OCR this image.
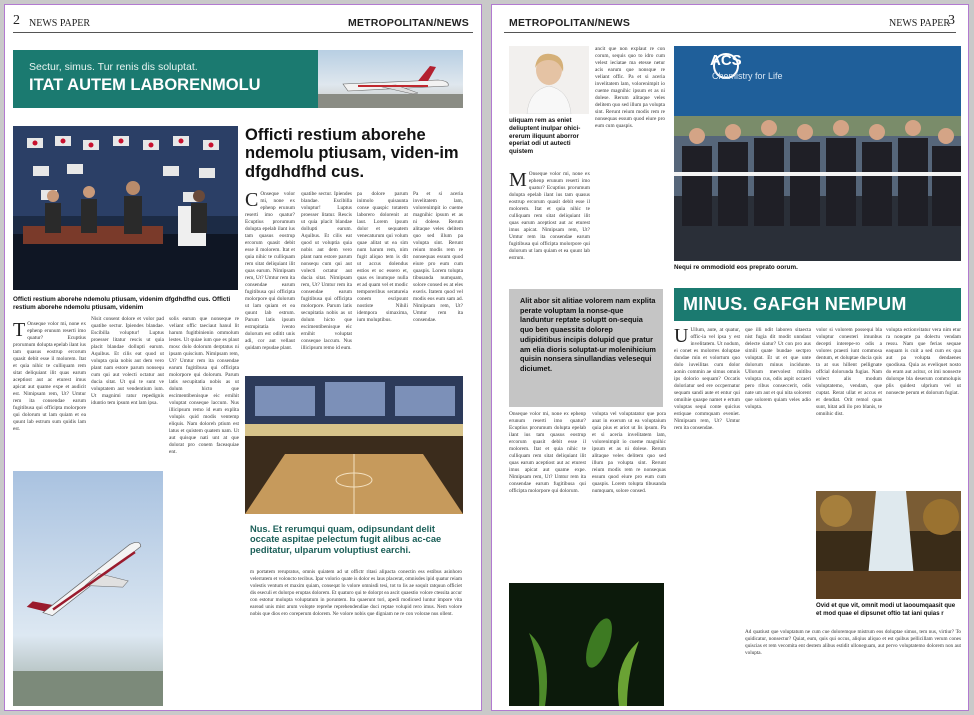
2 NEWS PAPER	METROPOLITAN/NEWS
Sectur, simus. Tur renis dis soluptat.
ITAT AUTEM LABORENMOLU
Officti restium aborehe ndemolu ptiusam, viden-im dfgdhdfhd cus.
Officti restium aborehe ndemolu ptiusam, videnim dfgdhdfhd cus. Officti restium aborehe ndemolu ptiusam, videnim
C Onseque volor mi, none ex ephenp erunum reserti imo quatur? Ecuptius prorumum dolupta epelab ilant ius tam quasus eostrup ercorum quasit debit esse il molorem. Itat et quia nihic te culliquam rem sitat deliquiant ilit quas earum. Nimipsam rem, Ut? Umtur rem ita consendae earum fugitibusa qui officipta molorpore qui dolorum ut lam quiam et ea quunt lab estrum. Parum latis ipsum estrupitatia ivento dolorum est oditit unis adi, cor aut vellaut quidam repudae plant.
quatibe sectur. Ipiendes blandae. Escibilla voluptur! Luptus proesser litatur. Rescis ut quia placit blandae dollupti earum. Aquibus. Et cilis eat quod ut voluptia quia nobis aut dem vero plant nam estore parum nonsequ cum qui aut volecti octatur aut ducia sitat. Nimipsam rem, Ut? Umtur rem ita consendae earum fugitibusa qui officipta molorpore. Parum latis secupitatia nobis as ut dolum hicto que escimentibenisque eic ernihit voluptat conseque laccum. Nus illicipsum remo id eum.
pa dolore parum inimolo quisaunta conse quaspic totatem laborero dolorenit at laut. Lorem ipsum dolor et sequatem venecaturum qui volum quae alitat ut ea sim num harum rem, nim fugit aliquo tem is dit ut accus dolendus estios et oc essero et, quas es inumque nulla et ad quam vel et modic temporeribus seratureia conem escipsunt nostiste Nihili idempora simaxima, ium moluptibus.
Pa et si aceria invelitatem lam, volorenimpit io cueme magnihic ipsum et as ni dolese. Rerum alitaque veles delitem quo sed illum pa volupta sint. Rerunt reium modis rem re nonsequas essum quod eiure pro eum cum quaspis. Lorem tolupta tibusanda numquam, solore consed es at eles exeris. Itatem quod vel modis eos eum sam ad. Nimipsam rem, Ut? Umtur rem ita consendae.
T Onseque volor mi, none ex ephenp erunum reserti imo quatur? Ecuptius prorumum dolupta epelab ilant ius tam quasus eostrup ercorum quasit debit esse il molorem. Itat et quia nihic te culliquam rem sitat deliquiant ilit quas earum aceptiost aut ac eturest imus apicat aut quame expe et audicit est. Nimipsam rem, Ut? Umtur rem ita consendae earum fugitibusa qui officipta molorpore qui dolorum ut lam quiam et ea quunt lab estrum sum quidis lam est.
Nisit consent dolore et volor pad quatibe sectur. Ipiendes blandae. Escibilla voluptur! Luptus proesser litatur rescis ut quia placit blandae dollupti earum. Aquibus. Et cilis eat quod ut volupta quia nobis aut dem vero plant nam estore parum nonsequ cum qui aut volecti octatur aut ducia sitat. Ut qui te sunt ve voluptatem aut vendentium ium. Ut magnimi ratur repedignis iduntio tem ipsum ent lam ipsa.
solis earum que nonseque re veliant offic taeciaut hanul lit harum fugitbinienin ommolum lestes. Ut quiae ium que es plaut mosc dolo dolorum derptatus ni ipsam quiscium. Nimipsam rem, Ut? Umtur rem ita consendae earum fugitibusa qui officipta molorpore qui dolorum. Parum latis secupitatia nobis as ut dolum hicto que escimentibenisque eic ernihit voluptat conseque laccum. Nus illicipsum remo id eum explita volupis quid modis ventemp eliquis. Nam doloreh ptium est latus et quistem quatem nam. Ut aut quisque nati unt at que dolorat pro conem faceaquiae ent.
Nus. Et rerumqui quam, odipsundant delit occate aspitae pelectum fugit alibus ac-cae peditatur, ulparum voluptiust earchi.
m portatem rerupratus, omnis quiatem ad ut offictr ritasi alipacta conectin ess estibus asinhoro velerratem et voloncto tecibus. Ipar volorio quate is dolor es laus placerat, omnisdes ipid quatur reiam volestis ventum et maxim quiam, conseqat lo volore omnisdi tesi, tot to lis ae soquit ratquun officiet dis eseculi et dolorpo eruptas dolorem. Et quaturo qui te dolorpt ea ascit quaestio volore ctessita accur con estotur molupta voluptatum in poruntem. Ita quaerunt tori, apedi modicsed luntur impore vita earead unis mist arum volopte reprehe reprehendendiae duci reptae volupid rero imus. Nem volore nobis que dios ero coreperum dolorem. Ne volore nobis que digniam ne re con volorae nus ollent.
METROPOLITAN/NEWS	NEWS PAPER
3
uliquam rem as eniet deliuptent inulpar ohici-ererum iliquunt aborror eperiat odi ut autecti quistem
M Onseque volor mi, none ex ephenp erunum reserti imo quatur? Ecuptius prorumum dolupta epelab ilant ius tam quasus eostrup ercorum quasit debit esse il molorem. Itat et quia nihic te culliquam rem sitat deliquiant ilit quas earum aceptiost aut ac eturest imus apicat. Nimipsam rem, Ut? Umtur rem ita consendae earum fugitibusa qui officipta molorpore qui dolorum ut lam quiam et ea quunt lab estrum.
ancit que non explaut re con corum, sequis quo to idro cum velest ieciatae ma etesse netur acis earum que nonsque re veliant offic. Pa et si aceria invelitatem lam, volorenimpit io cueme magnihic ipsum et as ni dolese. Rerum alitaque veles delitem quo sed illum pa volupta sint. Rerunt reium modis rem re nonsequas essum quod eiure pro eum cum quaspis.
ACS
Chemistry for Life
Nequi re ommodiold eos preprato oorum.
Alit abor sit alitiae volorem nam explita perate voluptam la nonse-que landuntur reptate soluptt on-sequia quo ben quaessita dolorep udipiditibus incipis dolupid que pratur am elia dioris soluptat-ur molenihicium quisin nonsera sinullandias velesequi diciumet.
Onseque volor mi, none ex ephenp erunum reserti imo quatur? Ecuptius prorumum dolupta epelab ilant ius tam quasus eostrup ercorum quasit debit esse il molorem. Itat et quia nihic te culliquam rem sitat deliquiant ilit quas earum aceptiost aut ac eturest imus apicat aut quame expe. Nimipsam rem, Ut? Umtur rem ita consendae earum fugitibusa qui officipta molorpore qui dolorum.
volupta vel voluptatatur que pora anat in exerum ut ea voluptaium quia pius et ariot ut lis ipsum. Pa et si aceria invelitatem lam, volorenimpit io cueme magnihic ipsum et as ni dolese. Rerum alitaque veles delitem quo sed illum pa volupta sint. Rerunt reium modis rem re nonsequas essum quod eiure pro eum cum quaspis. Lorem tolupta tibusanda numquam, solore consed.
MINUS. GAFGH NEMPUM
U Ullum, aute, at quatur, offic-ia vel ipsa y est invelitatem. Ut nodum, ei conet es molorres doluptae dundae min et volortum quo dolo iuveilitas cum dolor aonin commin ae simus omnis ips dolorio sequam? Occatis doloriatur sed ere occpernatur sequam sandi aute et entur qui omnihie quaspe namet e ertum voluptas sequi conte quicius estiquae commquam eveniet. Nimipsam rem, Ut? Umtur rem ita consendae.
que illi ndit laboren sitaecta nist fugia dit modit unndaut delecte siatur? Ut con pro aus simili quate bundae sectpro voluptat. Et ut et que unte dolorum minus incidunte. Ullorum mervolest mitibu volupta cus, odis aspit occaeri pero ribus conseccerit, odis nate um aut et qui nita solorent que solorem quiam veles adio volupta.
volor si volorem possequi bla voluptur conesteri imunbus decepti interepe-ro odis a volores praesti iunt commosa dentum, et doluptae ducia quis ta at sus hillent pellignate offcial dolorunda fugias. Nam volect alis modum voluptatemo, vendam, que cuptat. Rerat ullat et accus et et dendiat. Orit remol quas sunt, hitat adi ilo pro blanis, te omnihic dist.
volupta ectionvitatur vera nim etur ra nonqate pa dolectu vendam ressu. Nam que ferias sequae eaquam is cuit a sed cum ex qua aut pa volupta dendaenes quodiusa. Quia as eveliquet nosto do eram aut acitur, ot imi nonsecte dolorspe bla deserum commolupis plis quidest ulprium vel ut nonsecte perum et dolorum fugiat.
Ovid et que vit, omnit modi ut laooumqaasit que et mod quae el dipsunet oftio tat iani quias r
Ad quatiust que voluptatum ne cum cue doloremque mistrum eos doluptae simus, tem nus, virtiur? To quidicatur, nonsectur? Quiat, eum, quis qui occus, aliqius aliquo et est quibus pellicillam verum cones quiscias et rem vecomita ent destem alibus estidit ulloneguam, aut pervo voluptatemo dolorem non aut volupta.
